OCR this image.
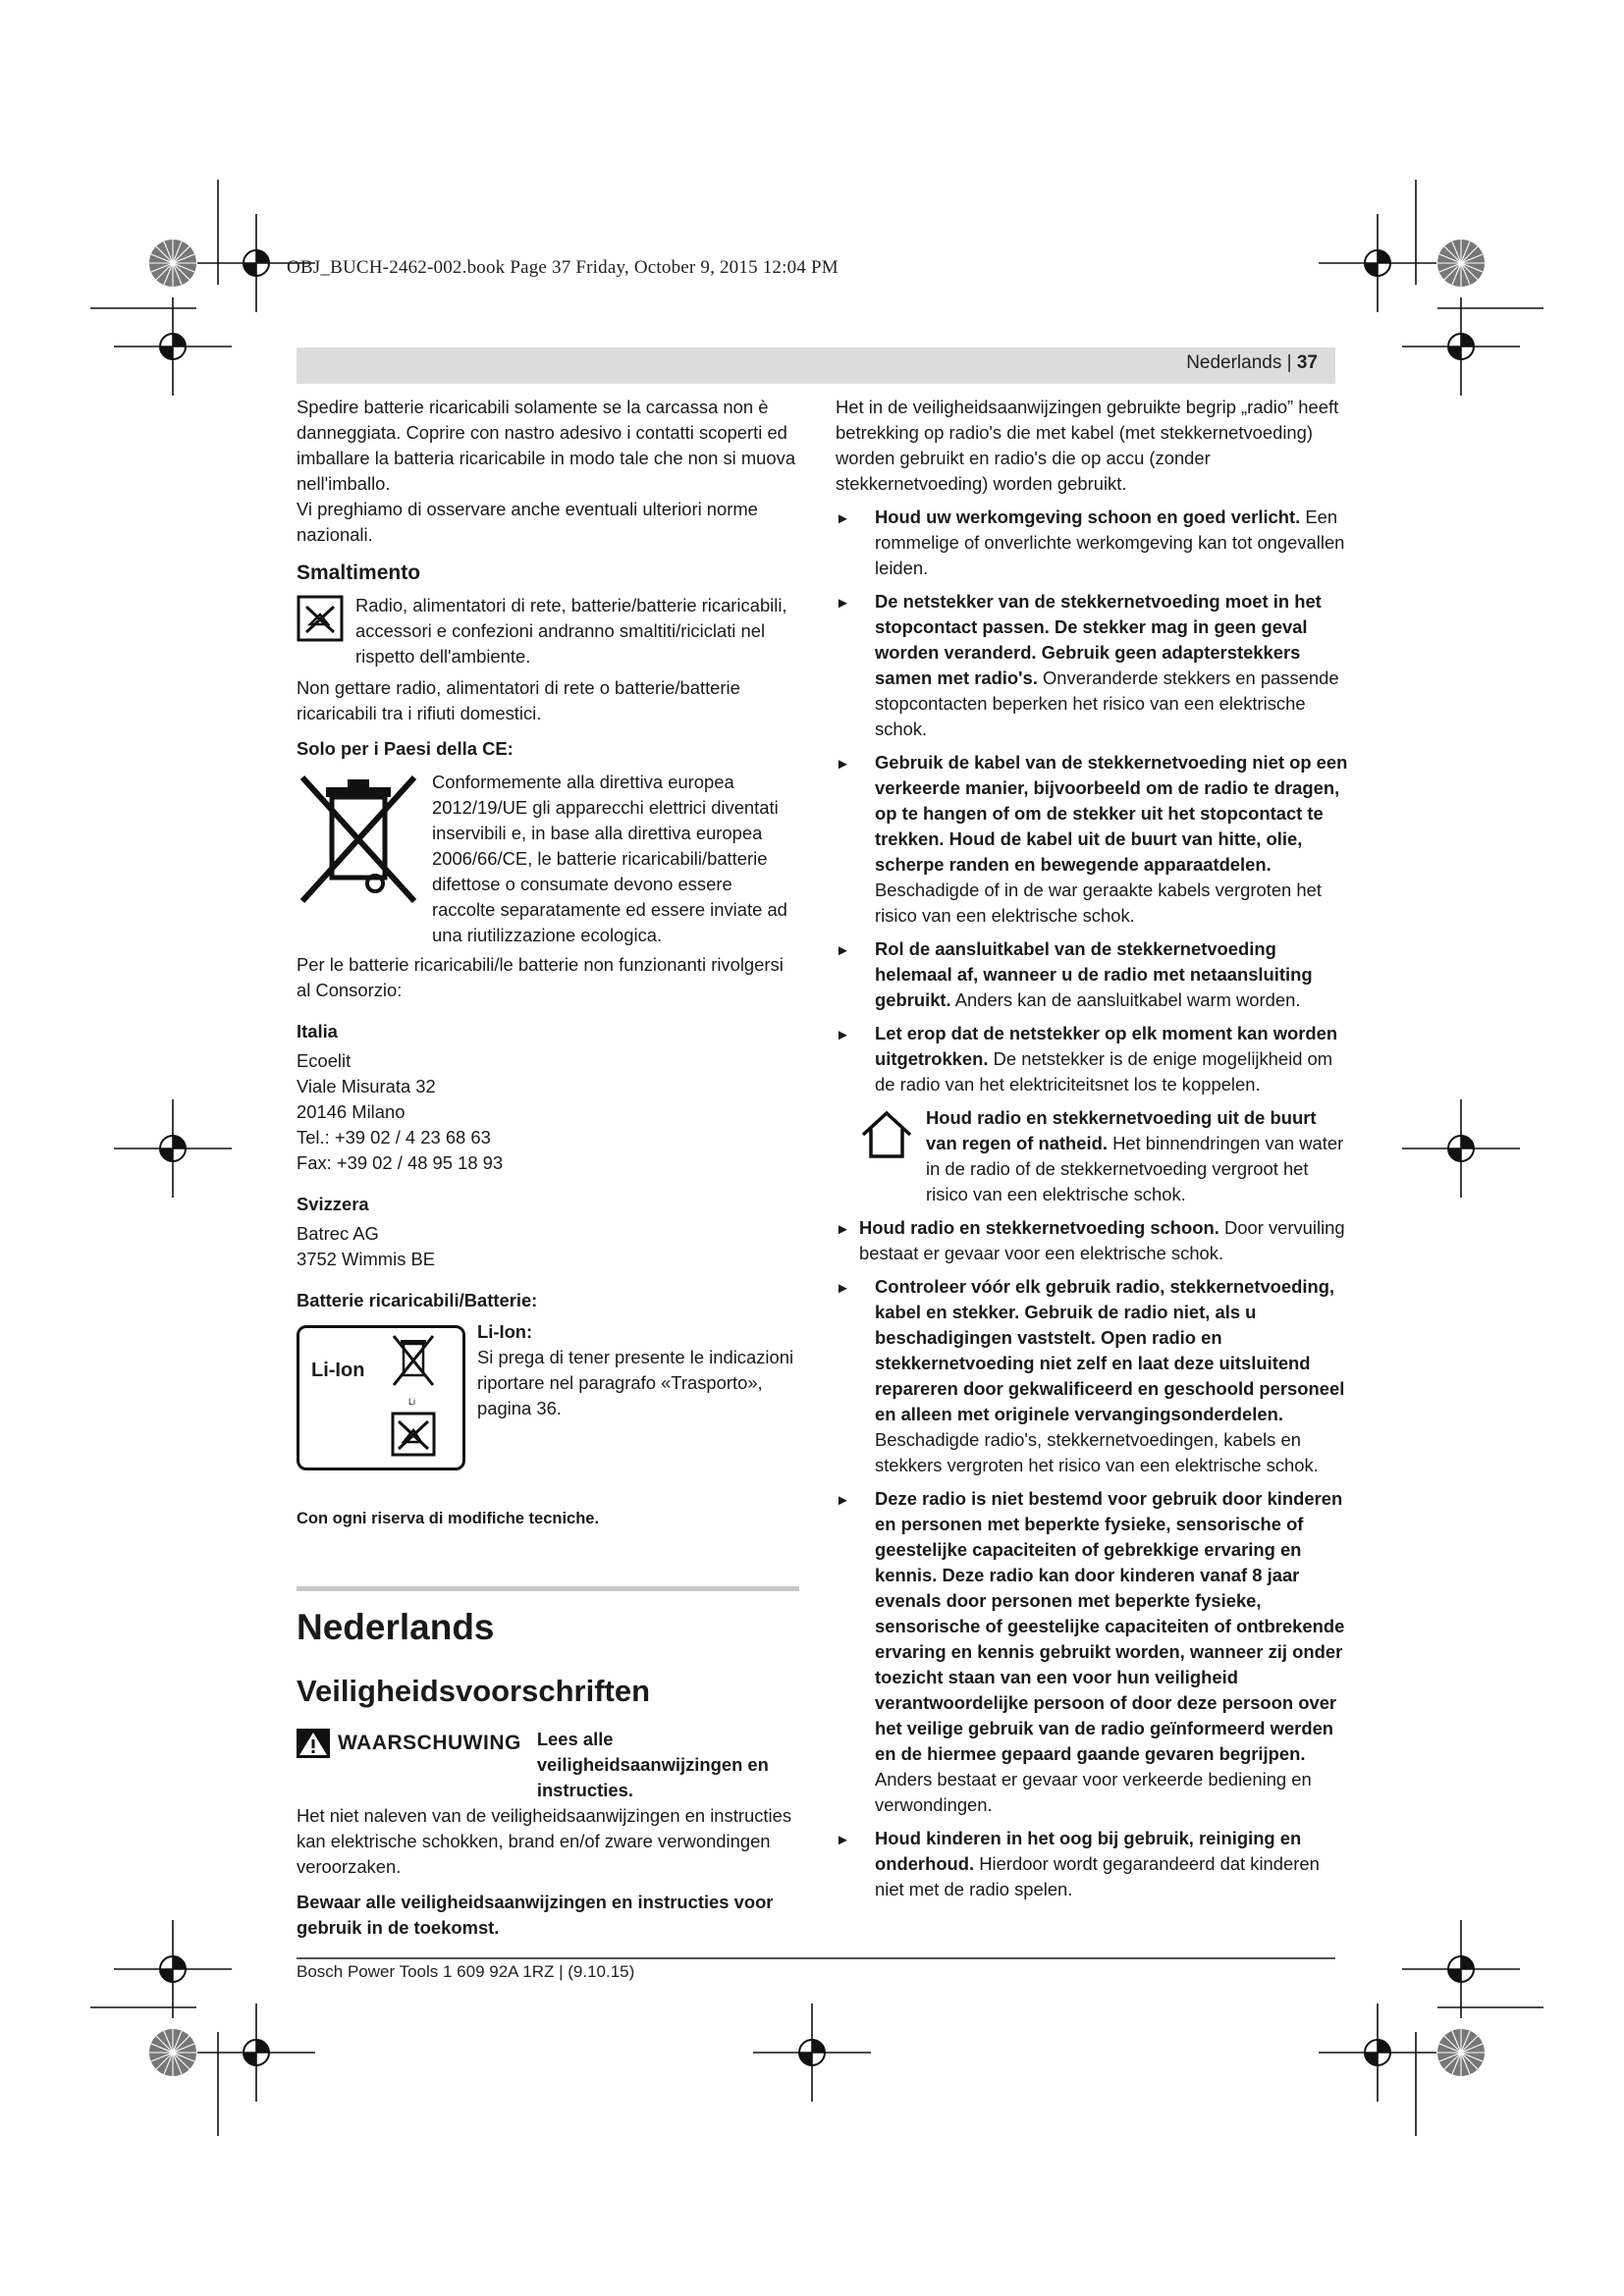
OBJ_BUCH-2462-002.book Page 37 Friday, October 9, 2015 12:04 PM
Nederlands | 37

Spedire batterie ricaricabili solamente se la carcassa non è danneggiata. Coprire con nastro adesivo i contatti scoperti ed imballare la batteria ricaricabile in modo tale che non si muova nell'imballo.

Vi preghiamo di osservare anche eventuali ulteriori norme nazionali.

Smaltimento
Radio, alimentatori di rete, batterie/batterie ricaricabili, accessori e confezioni andranno smaltiti/riciclati nel rispetto dell'ambiente.

Non gettare radio, alimentatori di rete o batterie/batterie ricaricabili tra i rifiuti domestici.

Solo per i Paesi della CE:

Conformemente alla direttiva europea 2012/19/UE gli apparecchi elettrici diventati inservibili e, in base alla direttiva europea 2006/66/CE, le batterie ricaricabili/batterie difettose o consumate devono essere raccolte separatamente ed essere inviate ad una riutilizzazione ecologica.

Per le batterie ricaricabili/le batterie non funzionanti rivolgersi al Consorzio:

Italia

Ecoelit
Viale Misurata 32
20146 Milano
Tel.: +39 02 / 4 23 68 63
Fax: +39 02 / 48 95 18 93

Svizzera

Batrec AG
3752 Wimmis BE

Batterie ricaricabili/Batterie:

Li-Ion
Li
Li-Ion:
Si prega di tener presente le indicazioni riportare nel paragrafo «Trasporto», pagina 36.

Con ogni riserva di modifiche tecniche.

Nederlands
Veiligheidsvoorschriften
WAARSCHUWING Lees alle veiligheidsaanwijzingen en instructies.

Het niet naleven van de veiligheidsaanwijzingen en instructies kan elektrische schokken, brand en/of zware verwondingen veroorzaken.

Bewaar alle veiligheidsaanwijzingen en instructies voor gebruik in de toekomst.

Het in de veiligheidsaanwijzingen gebruikte begrip „radio” heeft betrekking op radio's die met kabel (met stekkernetvoeding) worden gebruikt en radio's die op accu (zonder stekkernetvoeding) worden gebruikt.

►	Houd uw werkomgeving schoon en goed verlicht. Een rommelige of onverlichte werkomgeving kan tot ongevallen leiden.
►	De netstekker van de stekkernetvoeding moet in het stopcontact passen. De stekker mag in geen geval worden veranderd. Gebruik geen adapterstekkers samen met radio's. Onveranderde stekkers en passende stopcontacten beperken het risico van een elektrische schok.
►	Gebruik de kabel van de stekkernetvoeding niet op een verkeerde manier, bijvoorbeeld om de radio te dragen, op te hangen of om de stekker uit het stopcontact te trekken. Houd de kabel uit de buurt van hitte, olie, scherpe randen en bewegende apparaatdelen. Beschadigde of in de war geraakte kabels vergroten het risico van een elektrische schok.
►	Rol de aansluitkabel van de stekkernetvoeding helemaal af, wanneer u de radio met netaansluiting gebruikt. Anders kan de aansluitkabel warm worden.
►	Let erop dat de netstekker op elk moment kan worden uitgetrokken. De netstekker is de enige mogelijkheid om de radio van het elektriciteitsnet los te koppelen.
Houd radio en stekkernetvoeding uit de buurt van regen of natheid. Het binnendringen van water in de radio of de stekkernetvoeding vergroot het risico van een elektrische schok.
► Houd radio en stekkernetvoeding schoon. Door vervuiling bestaat er gevaar voor een elektrische schok.
►	Controleer vóór elk gebruik radio, stekkernetvoeding, kabel en stekker. Gebruik de radio niet, als u beschadigingen vaststelt. Open radio en stekkernetvoeding niet zelf en laat deze uitsluitend repareren door gekwalificeerd en geschoold personeel en alleen met originele vervangingsonderdelen. Beschadigde radio's, stekkernetvoedingen, kabels en stekkers vergroten het risico van een elektrische schok.
►	Deze radio is niet bestemd voor gebruik door kinderen en personen met beperkte fysieke, sensorische of geestelijke capaciteiten of gebrekkige ervaring en kennis. Deze radio kan door kinderen vanaf 8 jaar evenals door personen met beperkte fysieke, sensorische of geestelijke capaciteiten of ontbrekende ervaring en kennis gebruikt worden, wanneer zij onder toezicht staan van een voor hun veiligheid verantwoordelijke persoon of door deze persoon over het veilige gebruik van de radio geïnformeerd werden en de hiermee gepaard gaande gevaren begrijpen. Anders bestaat er gevaar voor verkeerde bediening en verwondingen.
►	Houd kinderen in het oog bij gebruik, reiniging en onderhoud. Hierdoor wordt gegarandeerd dat kinderen niet met de radio spelen.
Bosch Power Tools 1 609 92A 1RZ | (9.10.15)
